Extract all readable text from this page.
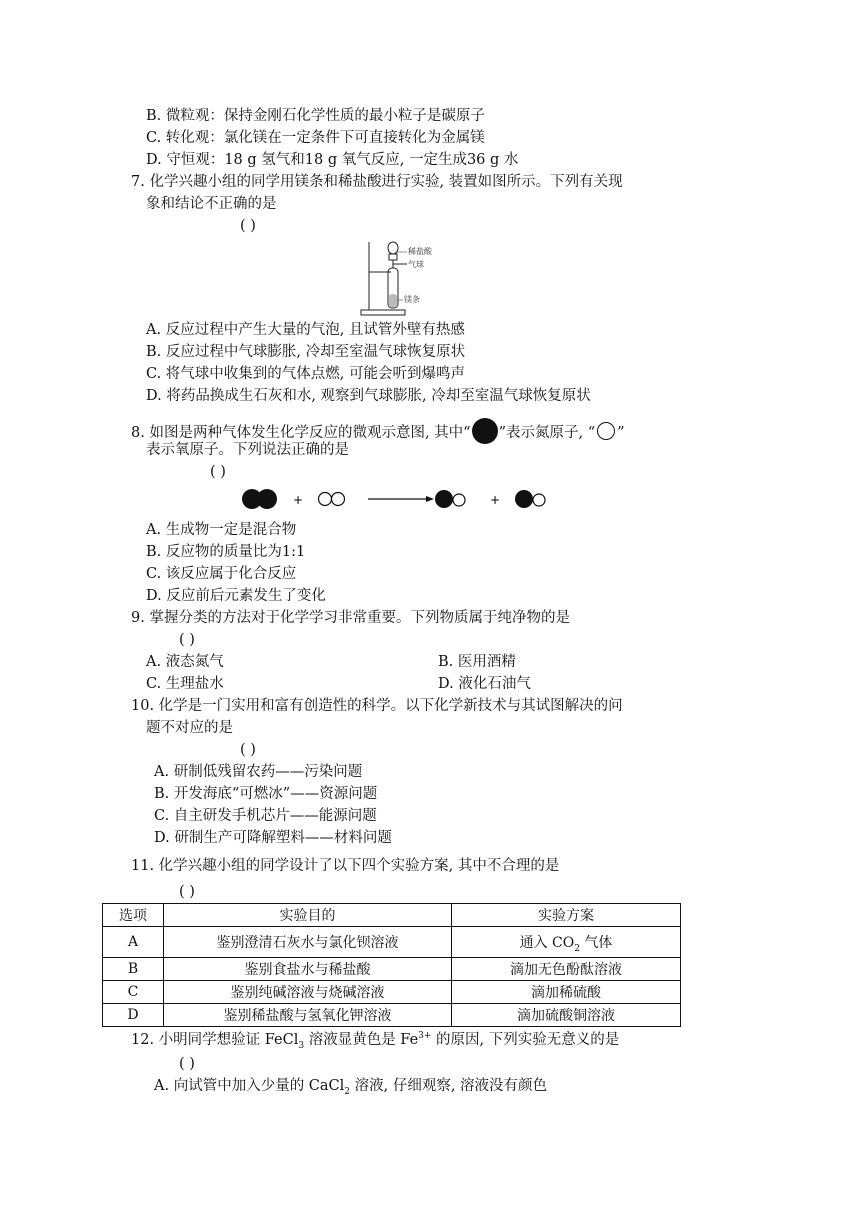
B. 微粒观：保持金刚石化学性质的最小粒子是碳原子
C. 转化观：氯化镁在一定条件下可直接转化为金属镁
D. 守恒观：18 g 氢气和18 g 氧气反应, 一定生成36 g 水
7. 化学兴趣小组的同学用镁条和稀盐酸进行实验, 装置如图所示。下列有关现
象和结论不正确的是
( )
稀盐酸
气球
镁条
A. 反应过程中产生大量的气泡, 且试管外壁有热感
B. 反应过程中气球膨胀, 冷却至室温气球恢复原状
C. 将气球中收集到的气体点燃, 可能会听到爆鸣声
D. 将药品换成生石灰和水, 观察到气球膨胀, 冷却至室温气球恢复原状
8. 如图是两种气体发生化学反应的微观示意图, 其中“ ”表示氮原子, “ ”
表示氧原子。下列说法正确的是
( )
+	+
A. 生成物一定是混合物
B. 反应物的质量比为1:1
C. 该反应属于化合反应
D. 反应前后元素发生了变化
9. 掌握分类的方法对于化学学习非常重要。下列物质属于纯净物的是
( )
A. 液态氮气	B. 医用酒精
C. 生理盐水	D. 液化石油气
10. 化学是一门实用和富有创造性的科学。以下化学新技术与其试图解决的问
题不对应的是
( )
A. 研制低残留农药——污染问题
B. 开发海底“可燃冰”——资源问题
C. 自主研发手机芯片——能源问题
D. 研制生产可降解塑料——材料问题
11. 化学兴趣小组的同学设计了以下四个实验方案, 其中不合理的是
( )
选项	实验目的	实验方案
A	鉴别澄清石灰水与氯化钡溶液	通入 $CO_2$ 气体
B	鉴别食盐水与稀盐酸	滴加无色酚酞溶液
C	鉴别纯碱溶液与烧碱溶液	滴加稀硫酸
D	鉴别稀盐酸与氢氧化钾溶液	滴加硫酸铜溶液
12. 小明同学想验证 FeCl$_3$ 溶液显黄色是 $Fe^{3+}$ 的原因, 下列实验无意义的是
( )
A. 向试管中加入少量的 CaCl$_2$ 溶液, 仔细观察, 溶液没有颜色
